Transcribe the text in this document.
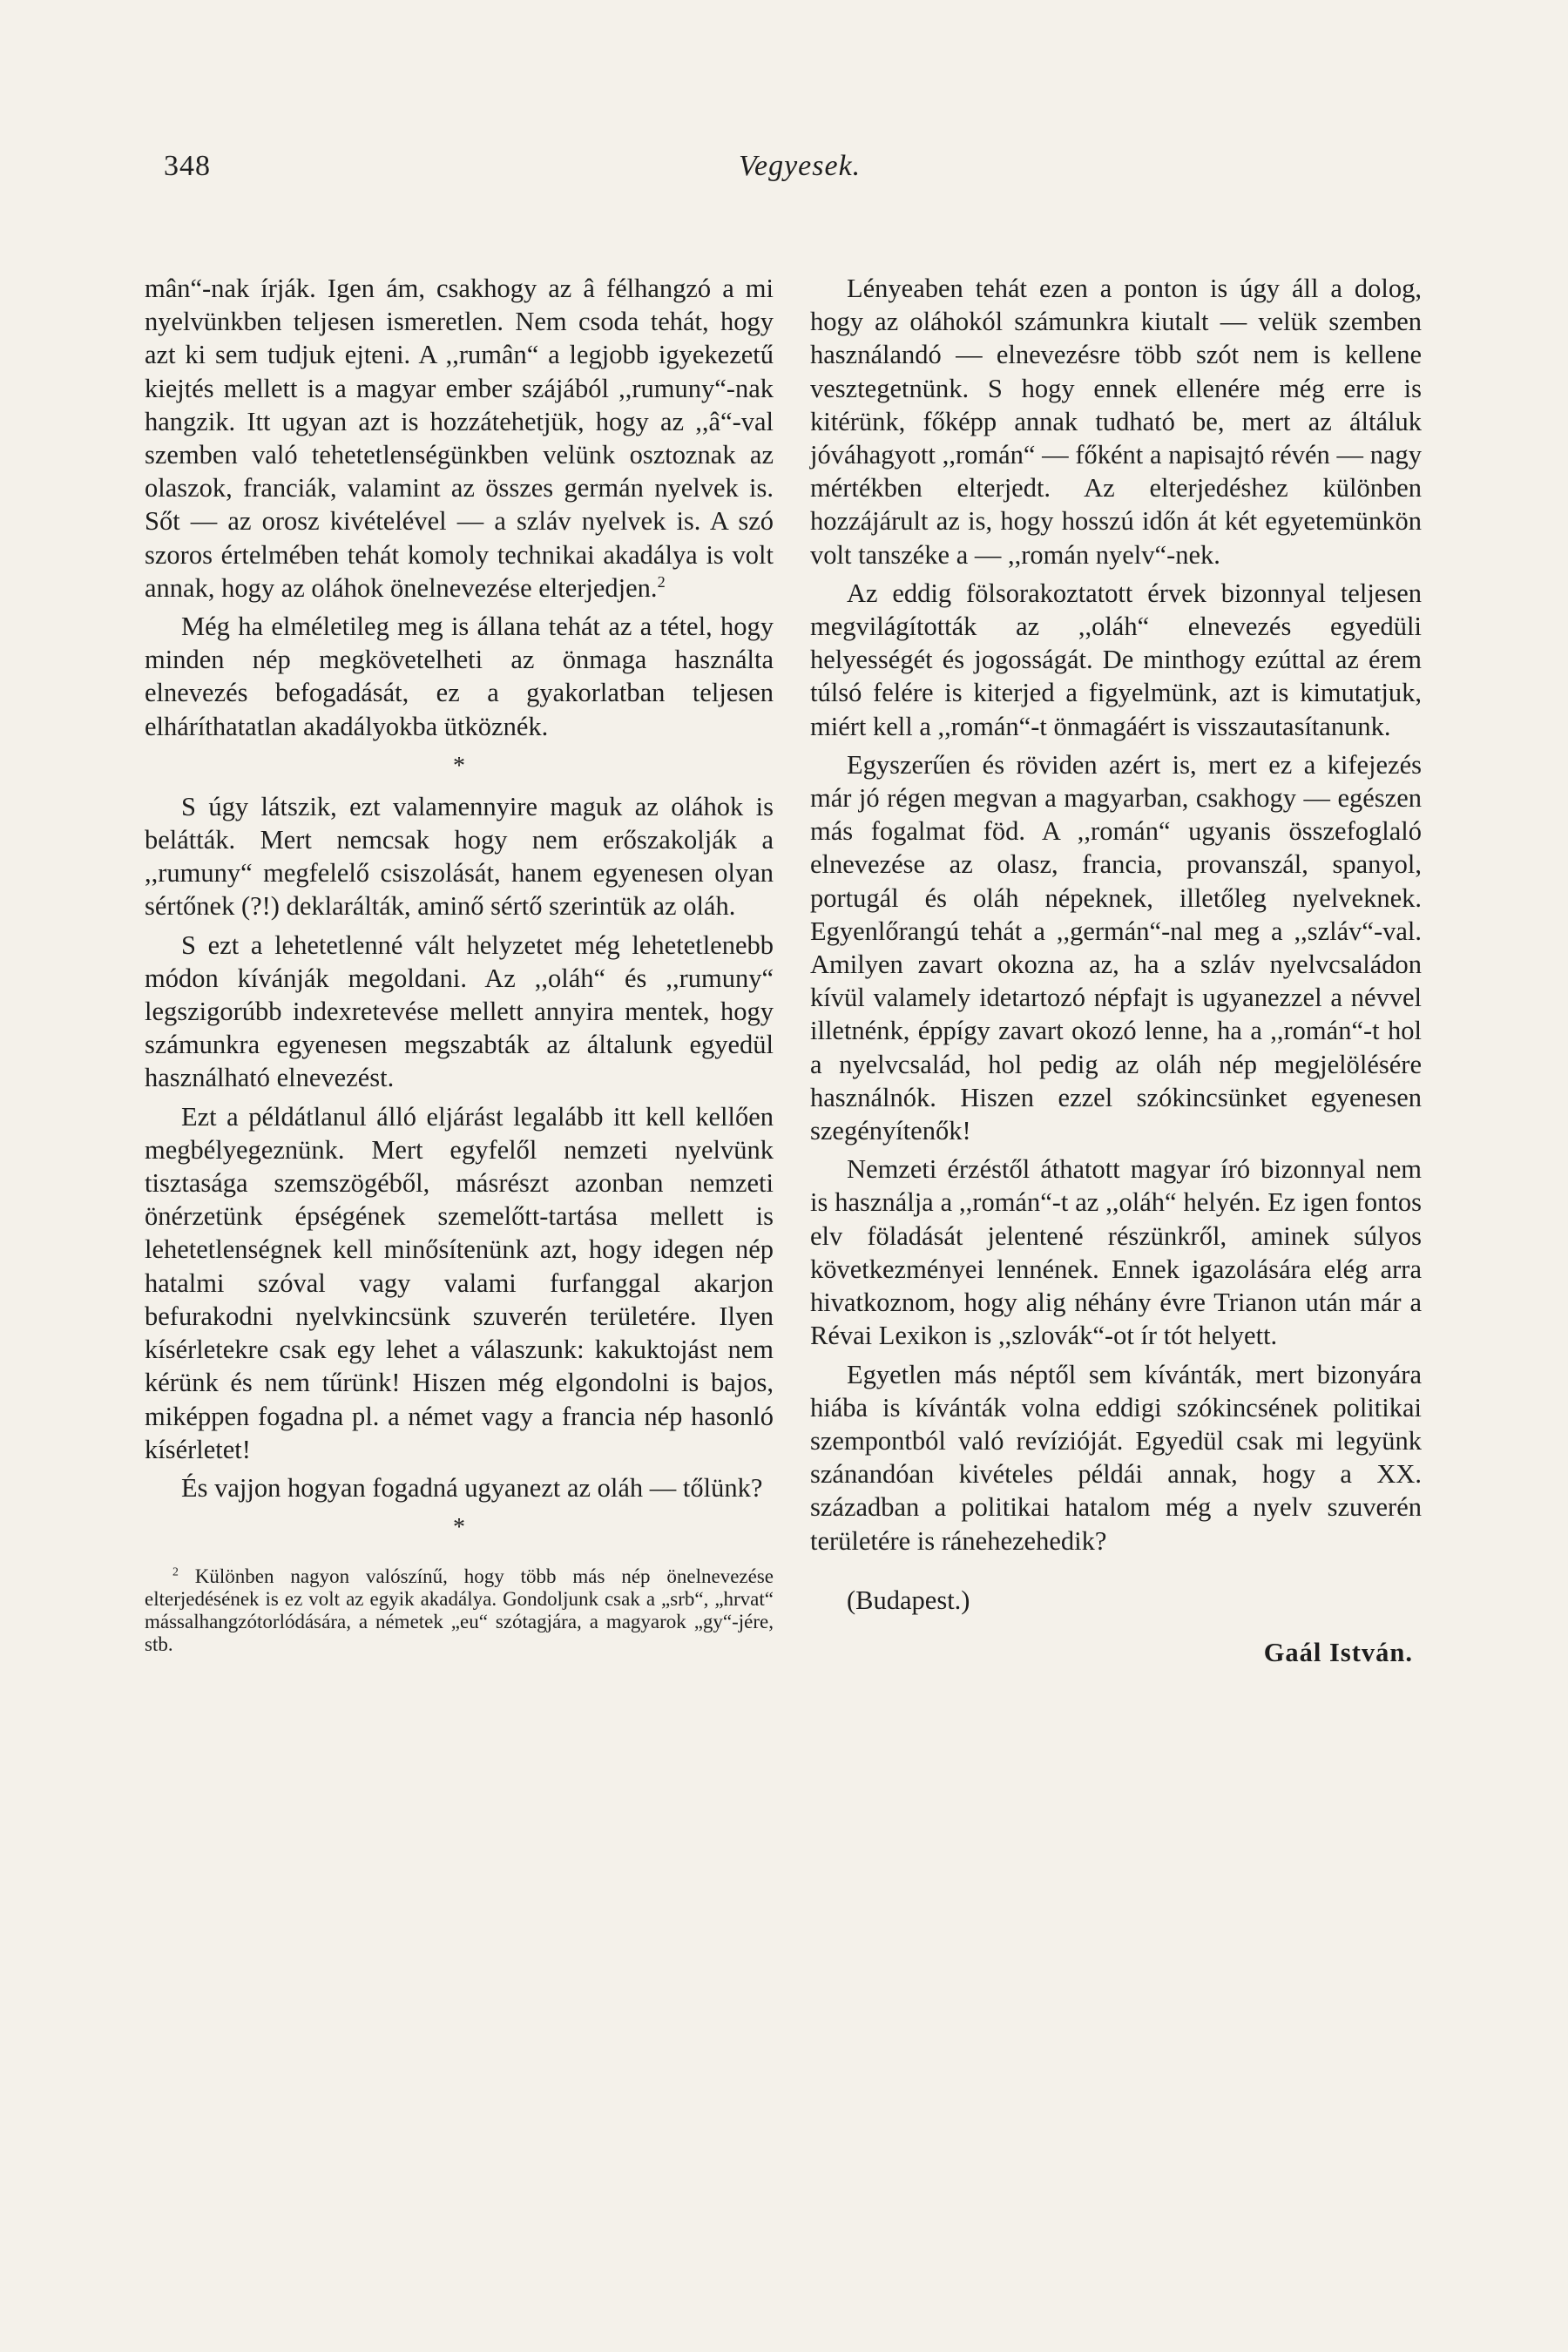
348	Vegyesek.

mân“-nak írják. Igen ám, csakhogy az â félhangzó a mi nyelvünkben teljesen ismeretlen. Nem csoda tehát, hogy azt ki sem tudjuk ejteni. A ,,rumân“ a legjobb igyekezetű kiejtés mellett is a magyar ember szájából ,,rumuny“-nak hangzik. Itt ugyan azt is hozzátehetjük, hogy az ,,â“-val szemben való tehetetlenségünkben velünk osztoznak az olaszok, franciák, valamint az összes germán nyelvek is. Sőt — az orosz kivételével — a szláv nyelvek is. A szó szoros értelmében tehát komoly technikai akadálya is volt annak, hogy az oláhok önelnevezése elterjedjen.$^2$

Még ha elméletileg meg is állana tehát az a tétel, hogy minden nép megkövetelheti az önmaga használta elnevezés befogadását, ez a gyakorlatban teljesen elháríthatatlan akadályokba ütköznék.

*

S úgy látszik, ezt valamennyire maguk az oláhok is belátták. Mert nemcsak hogy nem erőszakolják a ,,rumuny“ megfelelő csiszolását, hanem egyenesen olyan sértőnek (?!) deklarálták, aminő sértő szerintük az oláh.

S ezt a lehetetlenné vált helyzetet még lehetetlenebb módon kívánják megoldani. Az ,,oláh“ és ,,rumuny“ legszigorúbb indexretevése mellett annyira mentek, hogy számunkra egyenesen megszabták az általunk egyedül használható elnevezést.

Ezt a példátlanul álló eljárást legalább itt kell kellően megbélyegeznünk. Mert egyfelől nemzeti nyelvünk tisztasága szemszögéből, másrészt azonban nemzeti önérzetünk épségének szemelőtt-tartása mellett is lehetetlenségnek kell minősítenünk azt, hogy idegen nép hatalmi szóval vagy valami furfanggal akarjon befurakodni nyelvkincsünk szuverén területére. Ilyen kísérletekre csak egy lehet a válaszunk: kakuktojást nem kérünk és nem tűrünk! Hiszen még elgondolni is bajos, miképpen fogadna pl. a német vagy a francia nép hasonló kísérletet!

És vajjon hogyan fogadná ugyanezt az oláh — tőlünk?

*

$^2$ Különben nagyon valószínű, hogy több más nép önelnevezése elterjedésének is ez volt az egyik akadálya. Gondoljunk csak a „srb“, „hrvat“ mássalhangzótorlódására, a németek „eu“ szótagjára, a magyarok „gy“-jére, stb.

Lényeaben tehát ezen a ponton is úgy áll a dolog, hogy az oláhokól számunkra kiutalt — velük szemben használandó — elnevezésre több szót nem is kellene vesztegetnünk. S hogy ennek ellenére még erre is kitérünk, főképp annak tudható be, mert az áltáluk jóváhagyott ,,román“ — főként a napisajtó révén — nagy mértékben elterjedt. Az elterjedéshez különben hozzájárult az is, hogy hosszú időn át két egyetemünkön volt tanszéke a — ,,román nyelv“-nek.

Az eddig fölsorakoztatott érvek bizonnyal teljesen megvilágították az ,,oláh“ elnevezés egyedüli helyességét és jogosságát. De minthogy ezúttal az érem túlsó felére is kiterjed a figyelmünk, azt is kimutatjuk, miért kell a ,,román“-t önmagáért is visszautasítanunk.

Egyszerűen és röviden azért is, mert ez a kifejezés már jó régen megvan a magyarban, csakhogy — egészen más fogalmat föd. A ,,román“ ugyanis összefoglaló elnevezése az olasz, francia, provanszál, spanyol, portugál és oláh népeknek, illetőleg nyelveknek. Egyenlőrangú tehát a ,,germán“-nal meg a ,,szláv“-val. Amilyen zavart okozna az, ha a szláv nyelvcsaládon kívül valamely idetartozó népfajt is ugyanezzel a névvel illetnénk, éppígy zavart okozó lenne, ha a ,,román“-t hol a nyelvcsalád, hol pedig az oláh nép megjelölésére használnók. Hiszen ezzel szókincsünket egyenesen szegényítenők!

Nemzeti érzéstől áthatott magyar író bizonnyal nem is használja a ,,román“-t az ,,oláh“ helyén. Ez igen fontos elv föladását jelentené részünkről, aminek súlyos következményei lennének. Ennek igazolására elég arra hivatkoznom, hogy alig néhány évre Trianon után már a Révai Lexikon is ,,szlovák“-ot ír tót helyett.

Egyetlen más néptől sem kívánták, mert bizonyára hiába is kívánták volna eddigi szókincsének politikai szempontból való revízióját. Egyedül csak mi legyünk szánandóan kivételes példái annak, hogy a XX. században a politikai hatalom még a nyelv szuverén területére is ránehezehedik?

(Budapest.)

Gaál István.
